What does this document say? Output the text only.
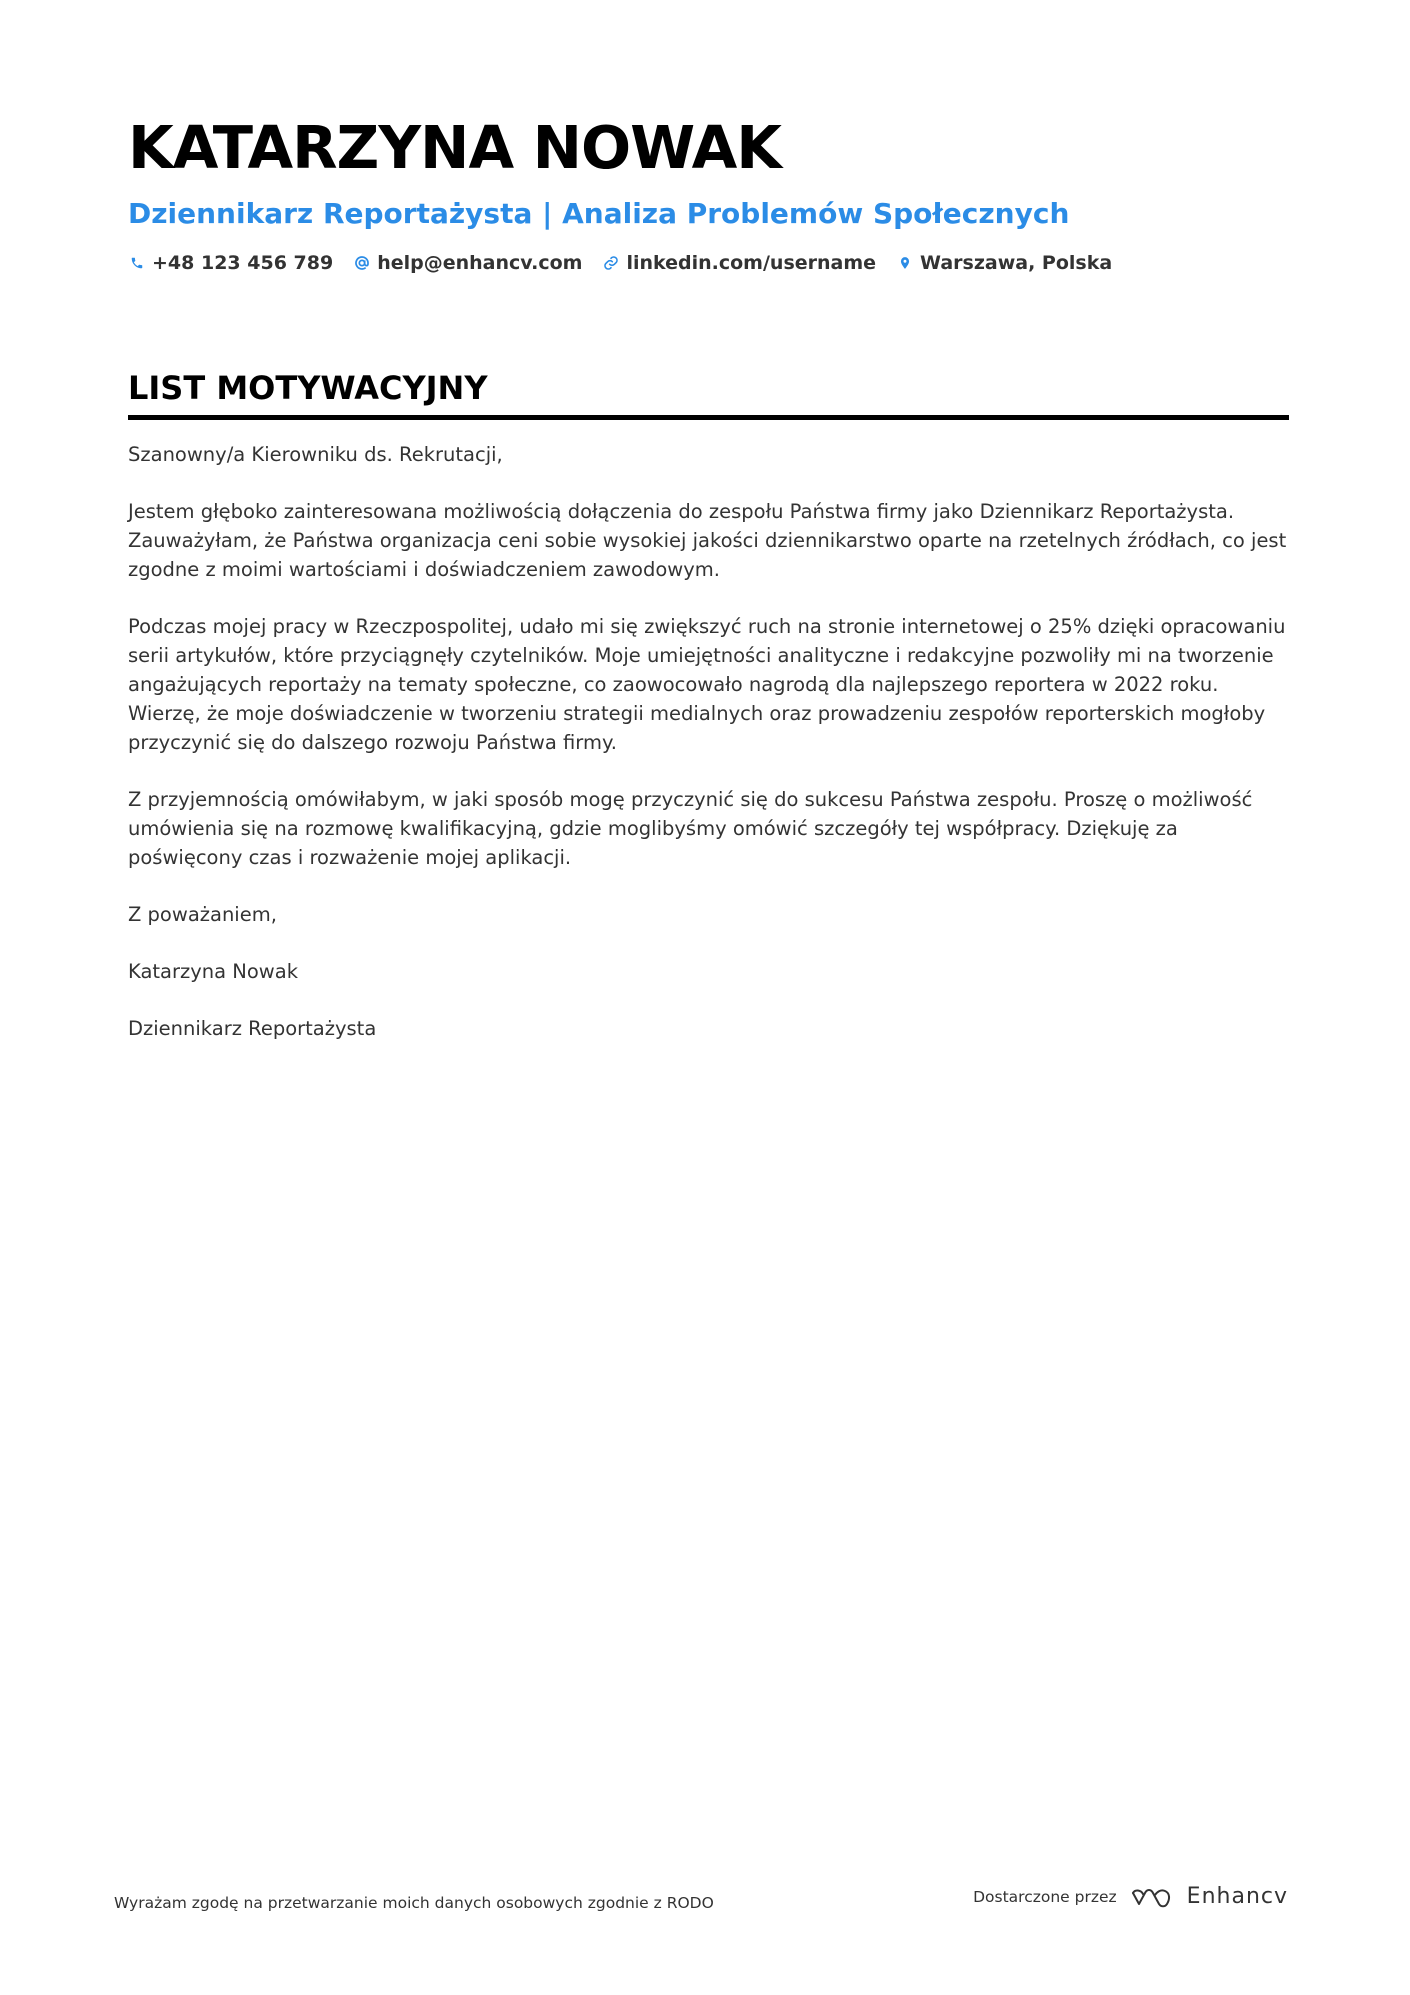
KATARZYNA NOWAK
Dziennikarz Reportażysta | Analiza Problemów Społecznych
+48 123 456 789 help@enhancv.com linkedin.com/username Warszawa, Polska
LIST MOTYWACYJNY

Szanowny/a Kierowniku ds. Rekrutacji,

Jestem głęboko zainteresowana możliwością dołączenia do zespołu Państwa firmy jako Dziennikarz Reportażysta. Zauważyłam, że Państwa organizacja ceni sobie wysokiej jakości dziennikarstwo oparte na rzetelnych źródłach, co jest zgodne z moimi wartościami i doświadczeniem zawodowym.

Podczas mojej pracy w Rzeczpospolitej, udało mi się zwiększyć ruch na stronie internetowej o 25% dzięki opracowaniu serii artykułów, które przyciągnęły czytelników. Moje umiejętności analityczne i redakcyjne pozwoliły mi na tworzenie angażujących reportaży na tematy społeczne, co zaowocowało nagrodą dla najlepszego reportera w 2022 roku. Wierzę, że moje doświadczenie w tworzeniu strategii medialnych oraz prowadzeniu zespołów reporterskich mogłoby przyczynić się do dalszego rozwoju Państwa firmy.

Z przyjemnością omówiłabym, w jaki sposób mogę przyczynić się do sukcesu Państwa zespołu. Proszę o możliwość umówienia się na rozmowę kwalifikacyjną, gdzie moglibyśmy omówić szczegóły tej współpracy. Dziękuję za poświęcony czas i rozważenie mojej aplikacji.

Z poważaniem,

Katarzyna Nowak

Dziennikarz Reportażysta

Wyrażam zgodę na przetwarzanie moich danych osobowych zgodnie z RODO	Dostarczone przez	Enhancv
